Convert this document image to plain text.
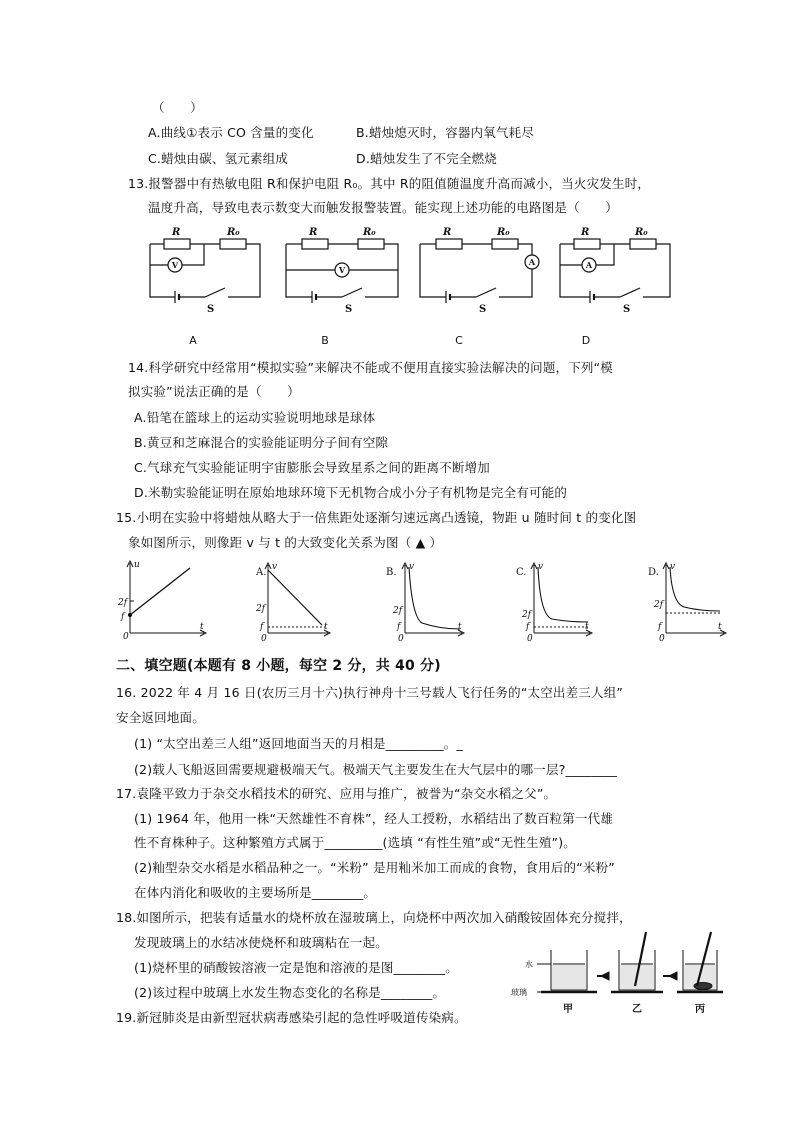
（　　）
A.曲线①表示 CO 含量的变化	B.蜡烛熄灭时，容器内氧气耗尽
C.蜡烛由碳、氢元素组成	D.蜡烛发生了不完全燃烧
13.报警器中有热敏电阻 R和保护电阻 R₀。其中 R的阻值随温度升高而减小，当火灾发生时，
温度升高，导致电表示数变大而触发报警装置。能实现上述功能的电路图是（　　）
R	R₀	R	R₀	R	R₀	R	R₀
S	S	S	S
V	V
A	A
A	B	C	D
14.科学研究中经常用“模拟实验”来解决不能或不便用直接实验法解决的问题，下列“模
拟实验”说法正确的是（　　）
A.铅笔在篮球上的运动实验说明地球是球体
B.黄豆和芝麻混合的实验能证明分子间有空隙
C.气球充气实验能证明宇宙膨胀会导致星系之间的距离不断增加
D.米勒实验能证明在原始地球环境下无机物合成小分子有机物是完全有可能的
15.小明在实验中将蜡烛从略大于一倍焦距处逐渐匀速远离凸透镜，物距 u 随时间 t 的变化图
象如图所示，则像距 v 与 t 的大致变化关系为图（ ▲ ）
u
t
2f
f
0
v
t
2f
f
0
v
t
2f
f
0
v
t
2f
f
0
v
t
2f
f
0
A.	B.	C.	D.
二、填空题(本题有 8 小题，每空 2 分，共 40 分)
16. 2022 年 4 月 16 日(农历三月十六)执行神舟十三号载人飞行任务的“太空出差三人组”
安全返回地面。
(1) “太空出差三人组”返回地面当天的月相是_________。_
(2)载人飞船返回需要规避极端天气。极端天气主要发生在大气层中的哪一层?________
17.袁隆平致力于杂交水稻技术的研究、应用与推广，被誉为“杂交水稻之父”。
(1) 1964 年，他用一株“天然雄性不育株”，经人工授粉，水稻结出了数百粒第一代雄
性不育株种子。这种繁殖方式属于_________(选填 “有性生殖”或“无性生殖”)。
(2)籼型杂交水稻是水稻品种之一。“米粉” 是用籼米加工而成的食物，食用后的“米粉”
在体内消化和吸收的主要场所是________。
18.如图所示，把装有适量水的烧杯放在湿玻璃上，向烧杯中两次加入硝酸铵固体充分搅拌，
发现玻璃上的水结冰使烧杯和玻璃粘在一起。
(1)烧杯里的硝酸铵溶液一定是饱和溶液的是图________。
(2)该过程中玻璃上水发生物态变化的名称是________。
水
玻璃
甲	乙	丙
19.新冠肺炎是由新型冠状病毒感染引起的急性呼吸道传染病。
